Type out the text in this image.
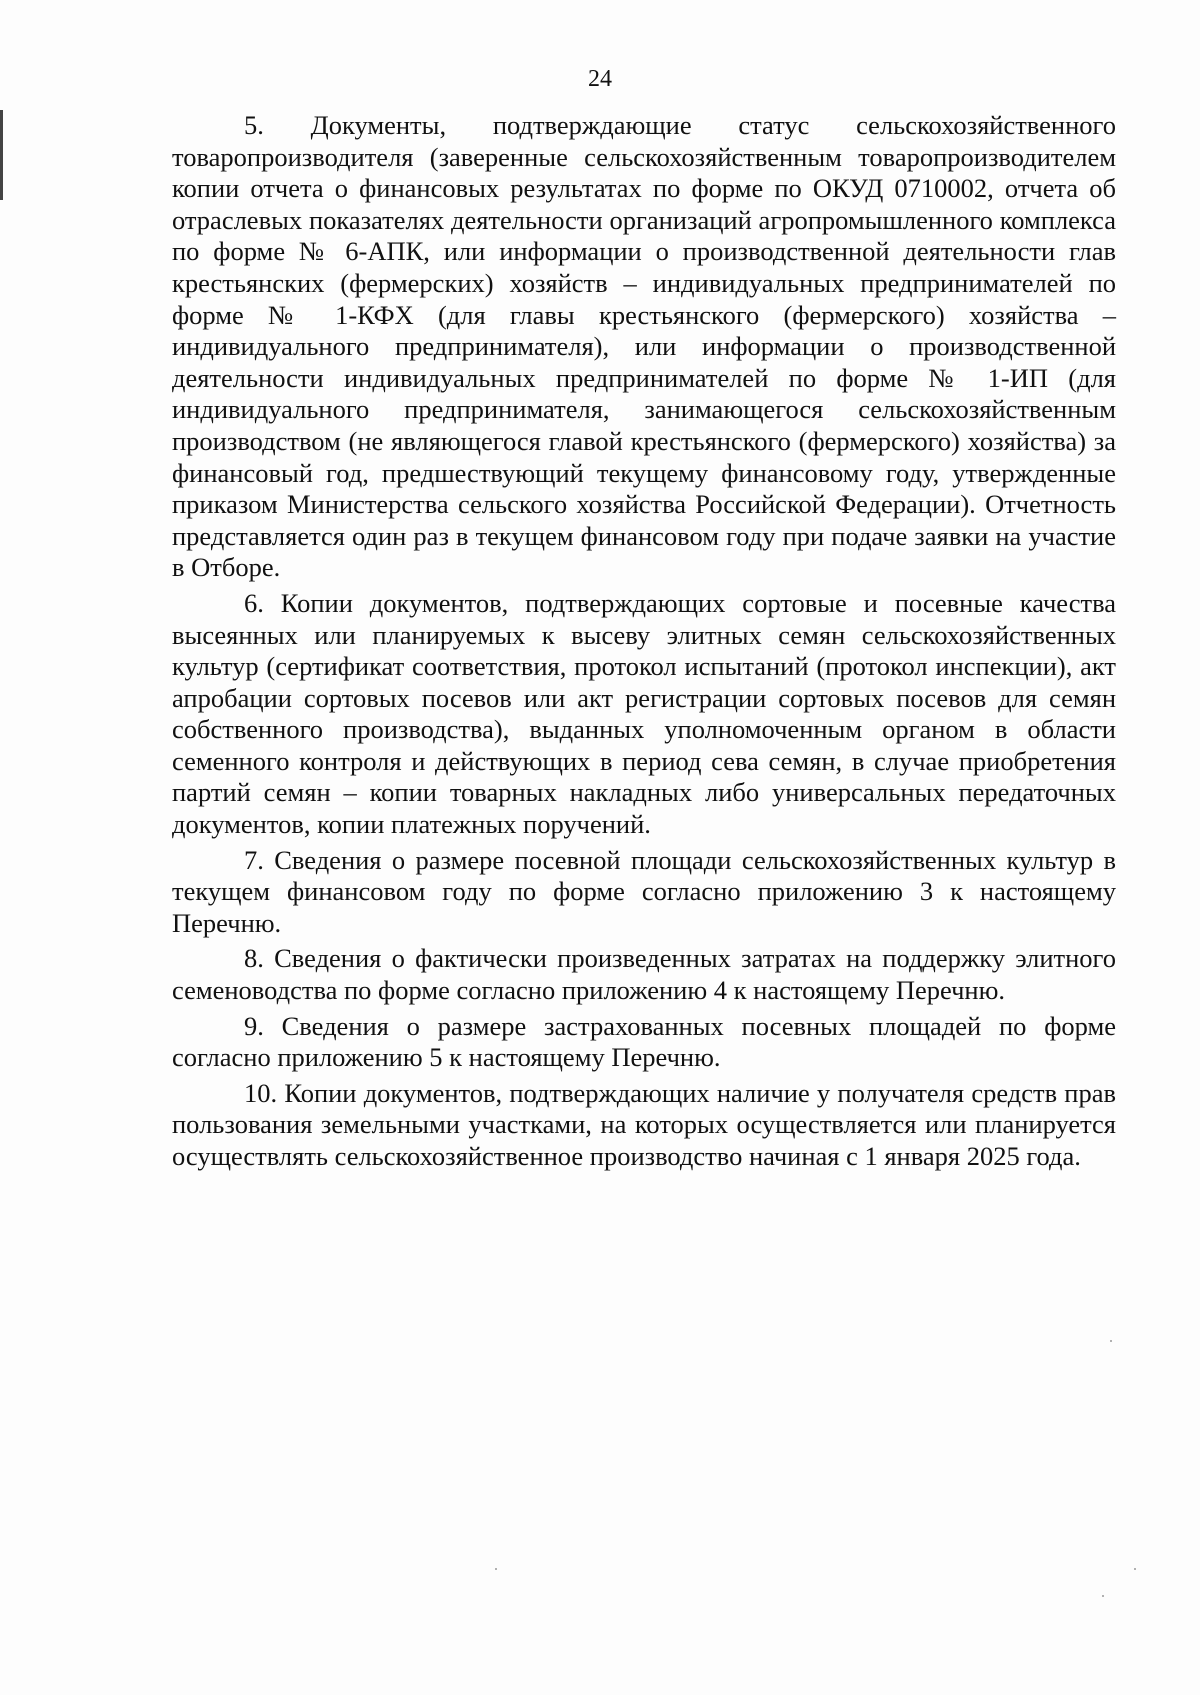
24

5. Документы, подтверждающие статус сельскохозяйственного товаропроизводителя (заверенные сельскохозяйственным товаропроизводителем копии отчета о финансовых результатах по форме по ОКУД 0710002, отчета об отраслевых показателях деятельности организаций агропромышленного комплекса по форме № 6-АПК, или информации о производственной деятельности глав крестьянских (фермерских) хозяйств – индивидуальных предпринимателей по форме № 1-КФХ (для главы крестьянского (фермерского) хозяйства – индивидуального предпринимателя), или информации о производственной деятельности индивидуальных предпринимателей по форме № 1-ИП (для индивидуального предпринимателя, занимающегося сельскохозяйственным производством (не являющегося главой крестьянского (фермерского) хозяйства) за финансовый год, предшествующий текущему финансовому году, утвержденные приказом Министерства сельского хозяйства Российской Федерации). Отчетность представляется один раз в текущем финансовом году при подаче заявки на участие в Отборе.

6. Копии документов, подтверждающих сортовые и посевные качества высеянных или планируемых к высеву элитных семян сельскохозяйственных культур (сертификат соответствия, протокол испытаний (протокол инспекции), акт апробации сортовых посевов или акт регистрации сортовых посевов для семян собственного производства), выданных уполномоченным органом в области семенного контроля и действующих в период сева семян, в случае приобретения партий семян – копии товарных накладных либо универсальных передаточных документов, копии платежных поручений.

7. Сведения о размере посевной площади сельскохозяйственных культур в текущем финансовом году по форме согласно приложению 3 к настоящему Перечню.

8. Сведения о фактически произведенных затратах на поддержку элитного семеноводства по форме согласно приложению 4 к настоящему Перечню.

9. Сведения о размере застрахованных посевных площадей по форме согласно приложению 5 к настоящему Перечню.

10. Копии документов, подтверждающих наличие у получателя средств прав пользования земельными участками, на которых осуществляется или планируется осуществлять сельскохозяйственное производство начиная с 1 января 2025 года.
